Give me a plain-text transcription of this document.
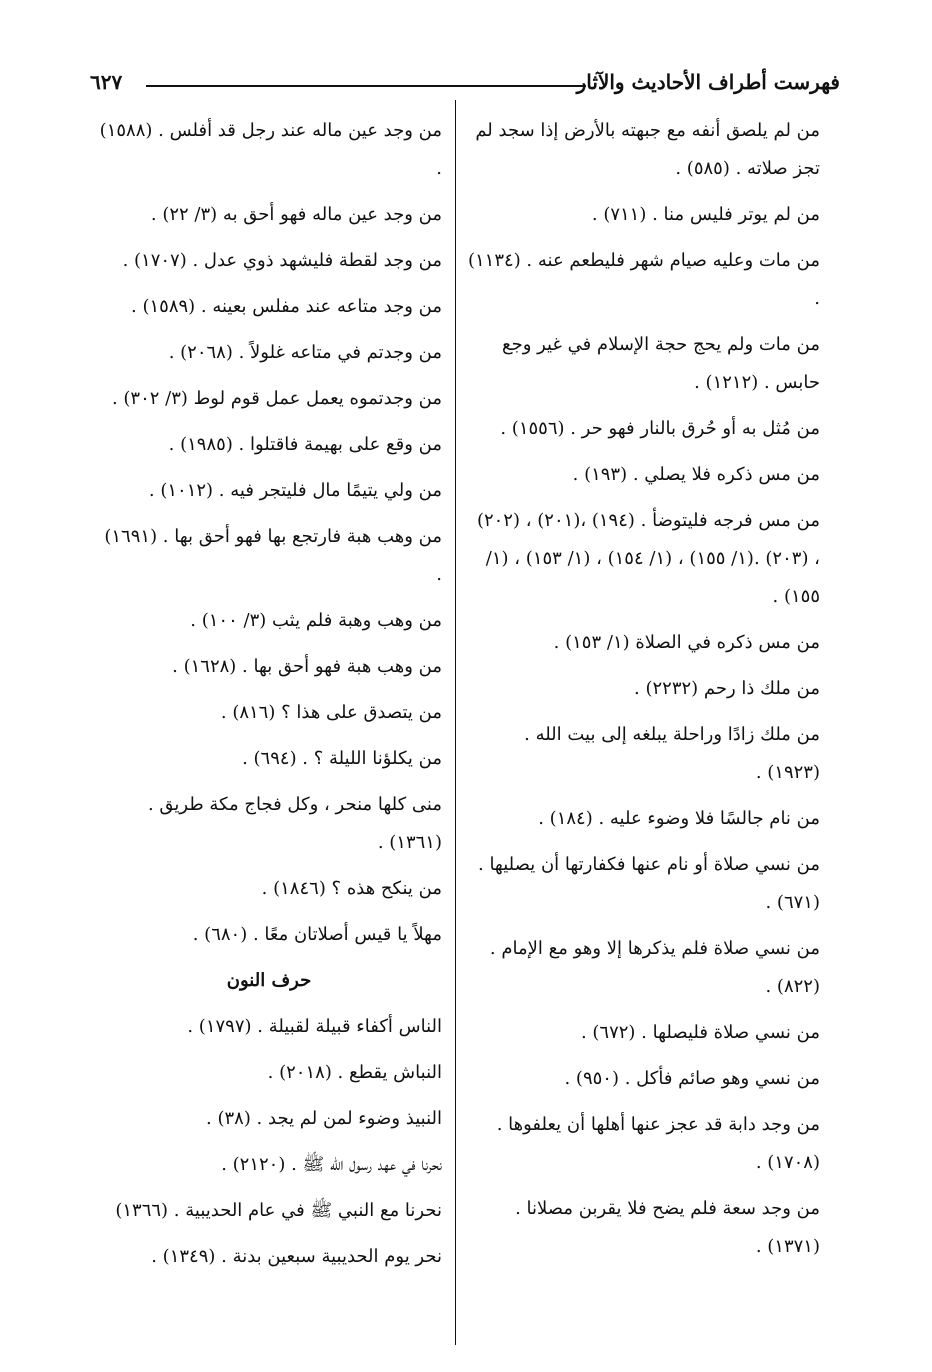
فهرست أطراف الأحاديث والآثار
٦٢٧
من لم يلصق أنفه مع جبهته بالأرض إذا سجد لم تجز صلاته . (٥٨٥) .
من لم يوتر فليس منا . (٧١١) .
من مات وعليه صيام شهر فليطعم عنه . (١١٣٤) .
من مات ولم يحج حجة الإسلام في غير وجع حابس . (١٢١٢) .
من مُثل به أو حُرق بالنار فهو حر . (١٥٥٦) .
من مس ذكره فلا يصلي . (١٩٣) .
من مس فرجه فليتوضأ . (١٩٤) ،(٢٠١) ، (٢٠٢) ، (٢٠٣) .(١/ ١٥٥) ، (١/ ١٥٤) ، (١/ ١٥٣) ، (١/ ١٥٥) .
من مس ذكره في الصلاة (١/ ١٥٣) .
من ملك ذا رحم (٢٢٣٢) .
من ملك زادًا وراحلة يبلغه إلى بيت الله . (١٩٢٣) .
من نام جالسًا فلا وضوء عليه . (١٨٤) .
من نسي صلاة أو نام عنها فكفارتها أن يصليها . (٦٧١) .
من نسي صلاة فلم يذكرها إلا وهو مع الإمام . (٨٢٢) .
من نسي صلاة فليصلها . (٦٧٢) .
من نسي وهو صائم فأكل . (٩٥٠) .
من وجد دابة قد عجز عنها أهلها أن يعلفوها . (١٧٠٨) .
من وجد سعة فلم يضح فلا يقربن مصلانا . (١٣٧١) .
من وجد عين ماله عند رجل قد أفلس . (١٥٨٨) .
من وجد عين ماله فهو أحق به (٣/ ٢٢) .
من وجد لقطة فليشهد ذوي عدل . (١٧٠٧) .
من وجد متاعه عند مفلس بعينه . (١٥٨٩) .
من وجدتم في متاعه غلولاً . (٢٠٦٨) .
من وجدتموه يعمل عمل قوم لوط (٣/ ٣٠٢) .
من وقع على بهيمة فاقتلوا . (١٩٨٥) .
من ولي يتيمًا مال فليتجر فيه . (١٠١٢) .
من وهب هبة فارتجع بها فهو أحق بها . (١٦٩١) .
من وهب وهبة فلم يثب (٣/ ١٠٠) .
من وهب هبة فهو أحق بها . (١٦٢٨) .
من يتصدق على هذا ؟ (٨١٦) .
من يكلؤنا الليلة ؟ . (٦٩٤) .
منى كلها منحر ، وكل فجاج مكة طريق . (١٣٦١) .
من ينكح هذه ؟ (١٨٤٦) .
مهلاً يا قيس أصلاتان معًا . (٦٨٠) .
حرف النون
الناس أكفاء قبيلة لقبيلة . (١٧٩٧) .
النباش يقطع . (٢٠١٨) .
النبيذ وضوء لمن لم يجد . (٣٨) .
نحرنا في عهد رسول الله ﷺ . (٢١٢٠) .
نحرنا مع النبي ﷺ في عام الحديبية . (١٣٦٦)
نحر يوم الحديبية سبعين بدنة . (١٣٤٩) .
